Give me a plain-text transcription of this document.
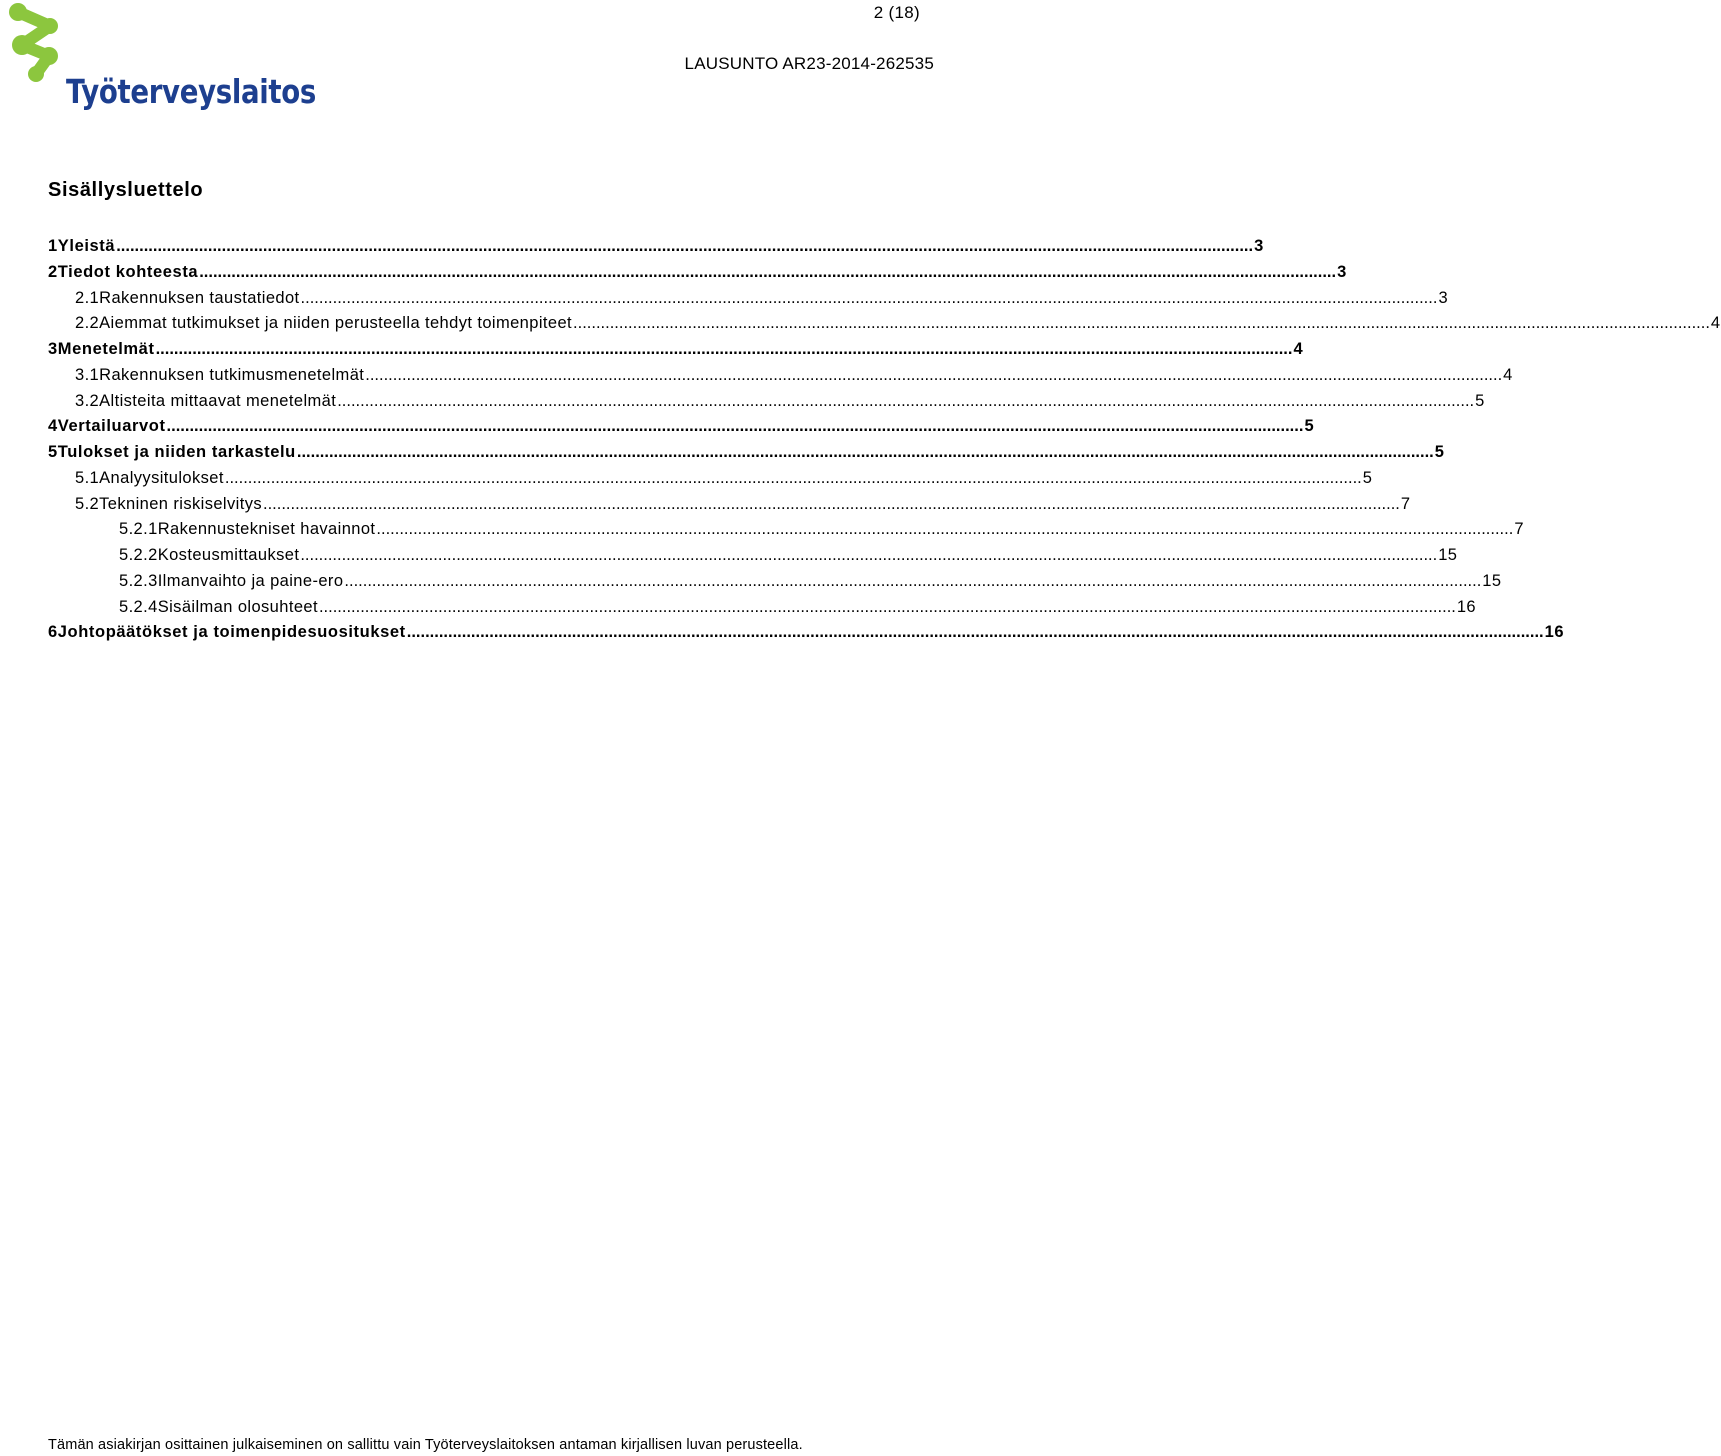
Työterveyslaitos
2 (18)
LAUSUNTO AR23-2014-262535
Sisällysluettelo
1 Yleistä .....	3
2 Tiedot kohteesta .....	3
2.1 Rakennuksen taustatiedot .....	3
2.2 Aiemmat tutkimukset ja niiden perusteella tehdyt toimenpiteet .....	4
3 Menetelmät .....	4
3.1 Rakennuksen tutkimusmenetelmät .....	4
3.2 Altisteita mittaavat menetelmät .....	5
4 Vertailuarvot .....	5
5 Tulokset ja niiden tarkastelu .....	5
5.1 Analyysitulokset .....	5
5.2 Tekninen riskiselvitys .....	7
5.2.1 Rakennustekniset havainnot .....	7
5.2.2 Kosteusmittaukset .....	15
5.2.3 Ilmanvaihto ja paine-ero .....	15
5.2.4 Sisäilman olosuhteet .....	16
6 Johtopäätökset ja toimenpidesuositukset .....	16
Tämän asiakirjan osittainen julkaiseminen on sallittu vain Työterveyslaitoksen antaman kirjallisen luvan perusteella.
